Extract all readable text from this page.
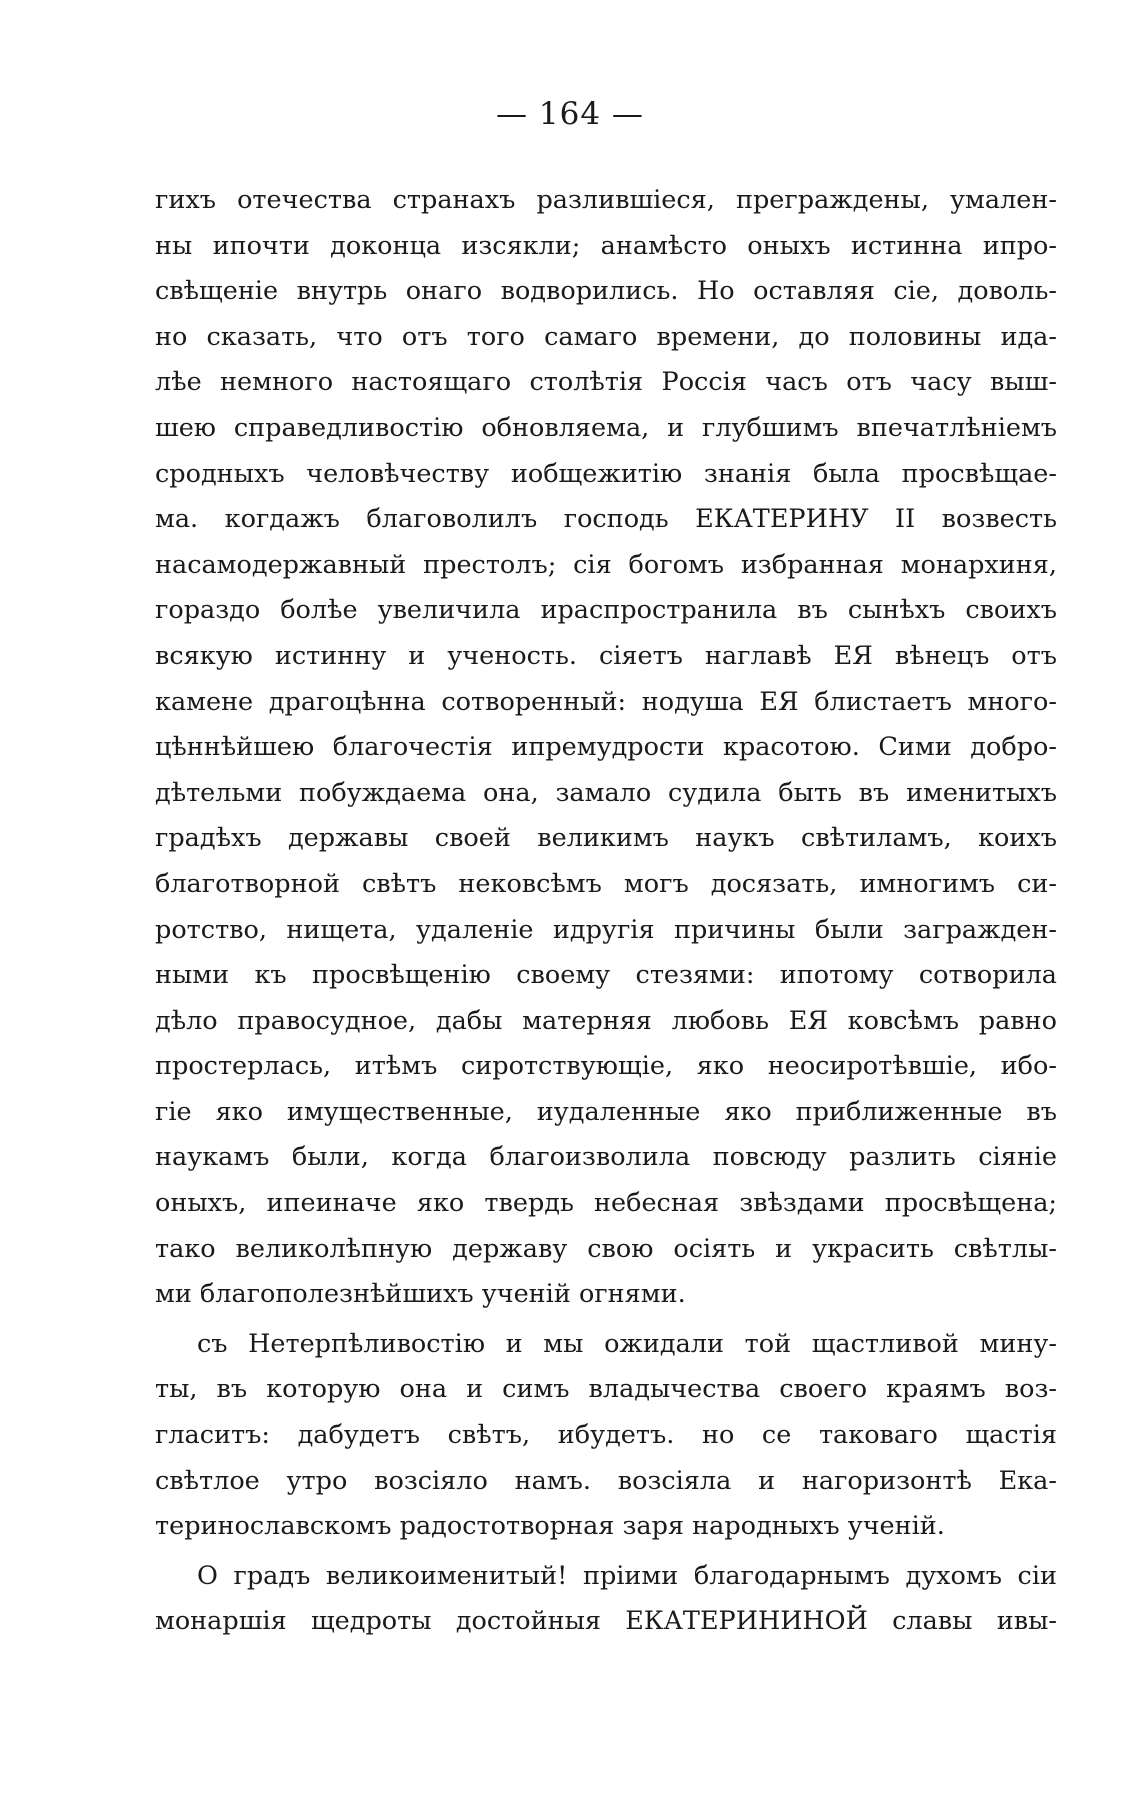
— 164 —
гихъ отечества странахъ разлившіеся, преграждены, умален-
ны ипочти доконца изсякли; анамѣсто оныхъ истинна ипро-
свѣщеніе внутрь онаго водворились. Но оставляя сіе, доволь-
но сказать, что отъ того самаго времени, до половины ида-
лѣе немного настоящаго столѣтія Россія часъ отъ часу выш-
шею справедливостію обновляема, и глубшимъ впечатлѣніемъ
сродныхъ человѣчеству иобщежитію знанія была просвѣщае-
ма. когдажъ благоволилъ господь ЕКАТЕРИНУ II возвесть
насамодержавный престолъ; сія богомъ избранная монархиня,
гораздо болѣе увеличила ираспространила въ сынѣхъ своихъ
всякую истинну и ученость. сіяетъ наглавѣ ЕЯ вѣнецъ отъ
камене драгоцѣнна сотворенный: нодуша ЕЯ блистаетъ много-
цѣннѣйшею благочестія ипремудрости красотою. Сими добро-
дѣтельми побуждаема она, замало судила быть въ именитыхъ
градѣхъ державы своей великимъ наукъ свѣтиламъ, коихъ
благотворной свѣтъ нековсѣмъ могъ досязать, имногимъ си-
ротство, нищета, удаленіе идругія причины были загражден-
ными къ просвѣщенію своему стезями: ипотому сотворила
дѣло правосудное, дабы матерняя любовь ЕЯ ковсѣмъ равно
простерлась, итѣмъ сиротствующіе, яко неосиротѣвшіе, ибо-
гіе яко имущественные, иудаленные яко приближенные въ
наукамъ были, когда благоизволила повсюду разлить сіяніе
оныхъ, ипеиначе яко твердь небесная звѣздами просвѣщена;
тако великолѣпную державу свою осіять и украсить свѣтлы-
ми благополезнѣйшихъ ученій огнями.
съ Нетерпѣливостію и мы ожидали той щастливой мину-
ты, въ которую она и симъ владычества своего краямъ воз-
гласитъ: дабудетъ свѣтъ, ибудетъ. но се таковаго щастія
свѣтлое утро возсіяло намъ. возсіяла и нагоризонтѣ Ека-
теринославскомъ радостотворная заря народныхъ ученій.
О градъ великоименитый! пріими благодарнымъ духомъ сіи
монаршія щедроты достойныя ЕКАТЕРИНИНОЙ славы ивы-
